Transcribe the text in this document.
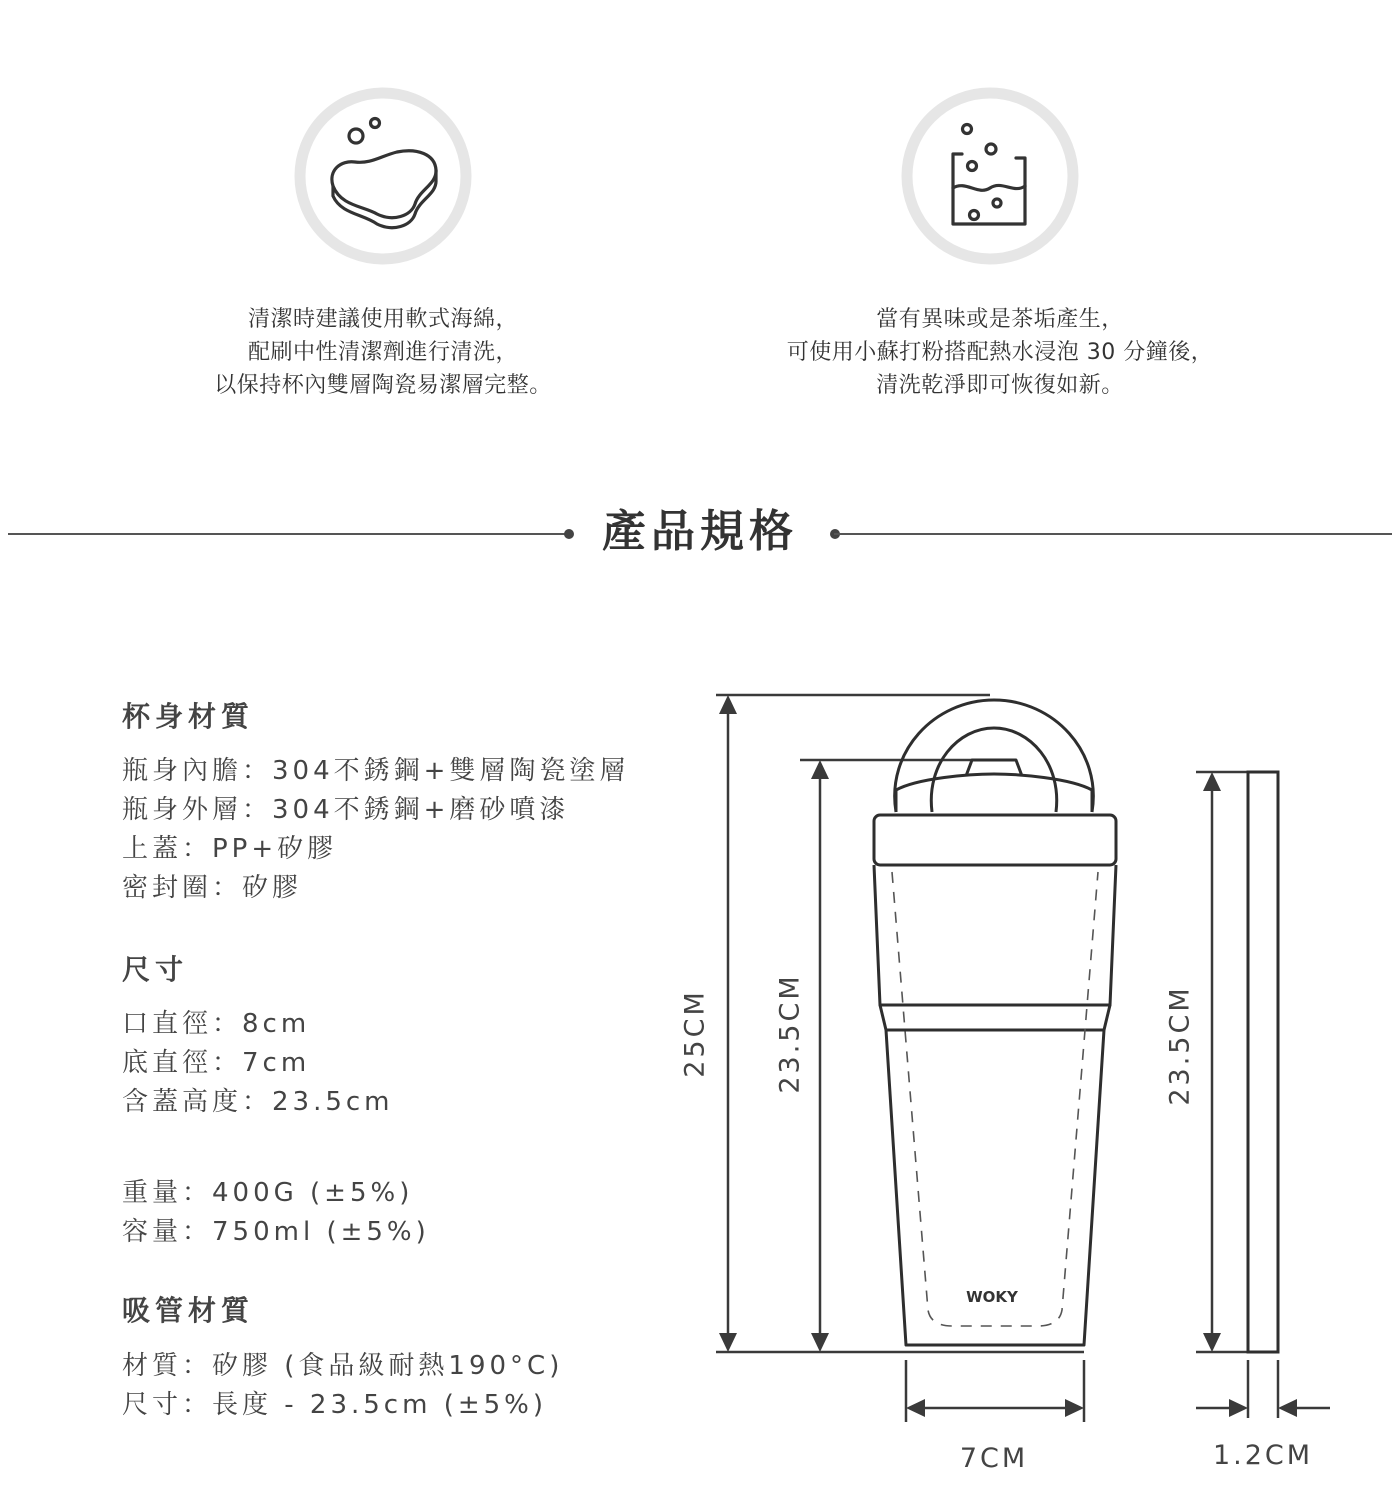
清潔時建議使用軟式海綿，
配刷中性清潔劑進行清洗，
以保持杯內雙層陶瓷易潔層完整。
當有異味或是茶垢產生，
可使用小蘇打粉搭配熱水浸泡 30 分鐘後，
清洗乾淨即可恢復如新。
產品規格
杯身材質
瓶身內膽：304不銹鋼+雙層陶瓷塗層
瓶身外層：304不銹鋼+磨砂噴漆
上蓋：PP+矽膠
密封圈：矽膠
尺寸
口直徑：8cm
底直徑：7cm
含蓋高度：23.5cm
重量：400G (±5%)
容量：750ml (±5%)
吸管材質
材質：矽膠 (食品級耐熱190°C)
尺寸：長度 - 23.5cm (±5%)
WOKY
25CM 23.5CM	23.5CM
7CM	1.2CM
